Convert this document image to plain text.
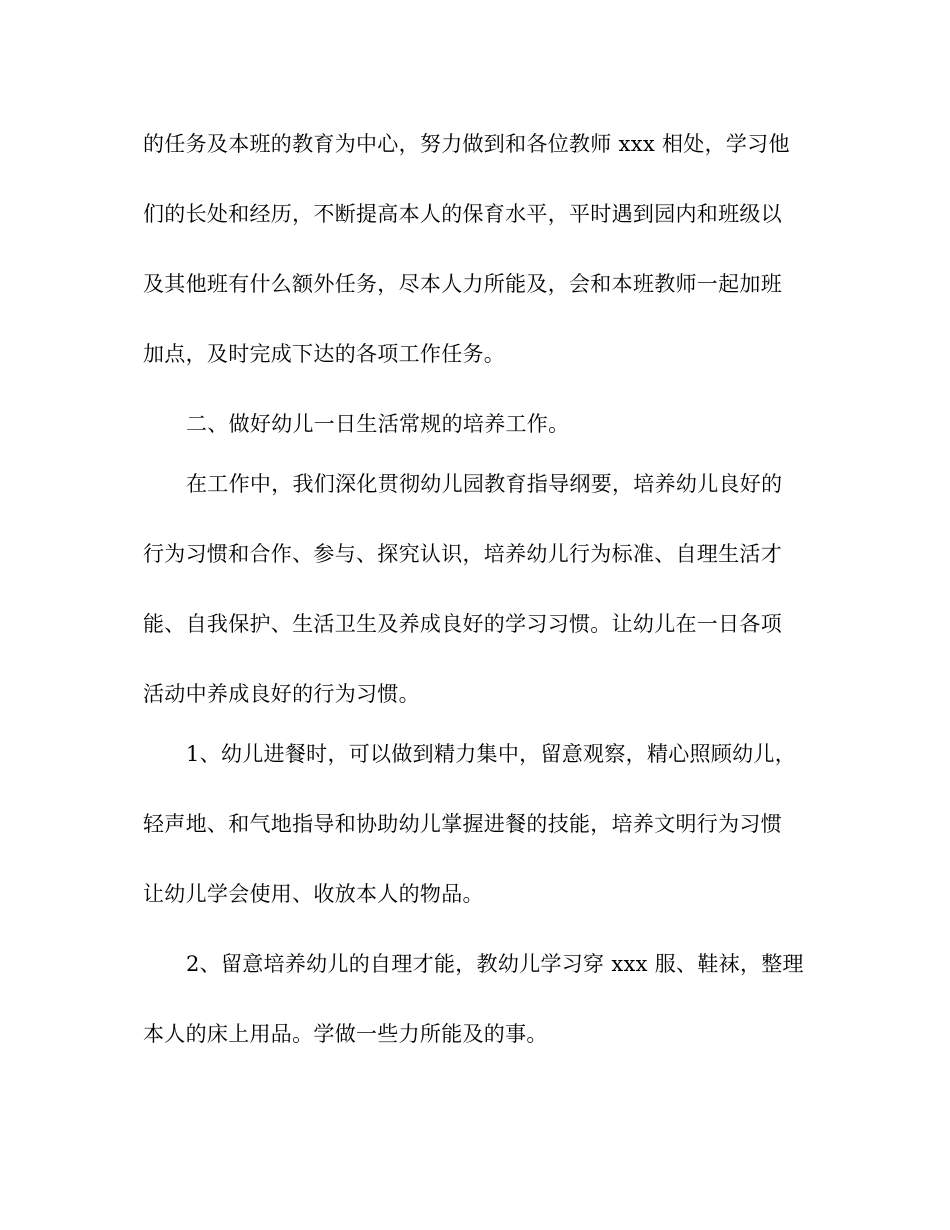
的任务及本班的教育为中心，努力做到和各位教师 xxx 相处，学习他

们的长处和经历，不断提高本人的保育水平，平时遇到园内和班级以

及其他班有什么额外任务，尽本人力所能及，会和本班教师一起加班

加点，及时完成下达的各项工作任务。

二、做好幼儿一日生活常规的培养工作。

在工作中，我们深化贯彻幼儿园教育指导纲要，培养幼儿良好的

行为习惯和合作、参与、探究认识，培养幼儿行为标准、自理生活才

能、自我保护、生活卫生及养成良好的学习习惯。让幼儿在一日各项

活动中养成良好的行为习惯。

1、幼儿进餐时，可以做到精力集中，留意观察，精心照顾幼儿，

轻声地、和气地指导和协助幼儿掌握进餐的技能，培养文明行为习惯

让幼儿学会使用、收放本人的物品。

2、留意培养幼儿的自理才能，教幼儿学习穿 xxx 服、鞋袜，整理

本人的床上用品。学做一些力所能及的事。
